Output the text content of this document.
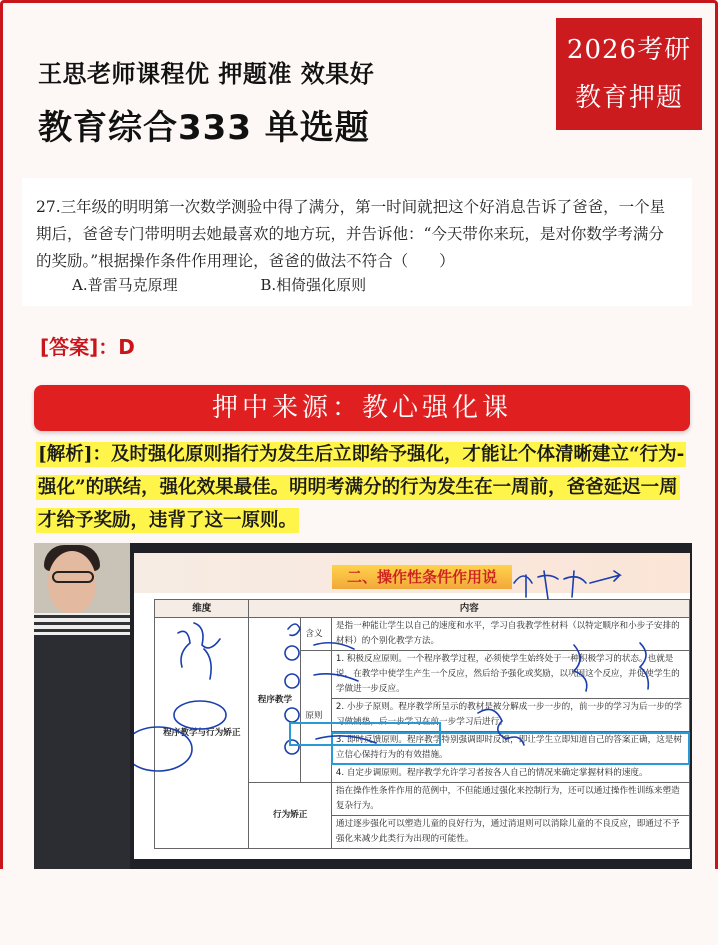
王思老师课程优 押题准 效果好
教育综合333 单选题
2026考研
教育押题
27.三年级的明明第一次数学测验中得了满分，第一时间就把这个好消息告诉了爸爸，一个星期后，爸爸专门带明明去她最喜欢的地方玩，并告诉他：“今天带你来玩，是对你数学考满分的奖励。”根据操作条件作用理论，爸爸的做法不符合（　　）
A.普雷马克原理	B.相倚强化原则
[答案]：D
押中来源：教心强化课
[解析]：及时强化原则指行为发生后立即给予强化，才能让个体清晰建立“行为-强化”的联结，强化效果最佳。明明考满分的行为发生在一周前，爸爸延迟一周才给予奖励，违背了这一原则。
二、操作性条件作用说
维度	内容		
程序教学与行为矫正	程序教学	含义	是指一种能让学生以自己的速度和水平，学习自我教学性材料（以特定顺序和小步子安排的材料）的个别化教学方法。
		原则	1. 积极反应原则。一个程序教学过程，必须使学生始终处于一种积极学习的状态。也就是说，在教学中使学生产生一个反应，然后给予强化或奖励，以巩固这个反应，并促使学生的学做进一步反应。
			2. 小步子原则。程序教学所呈示的教材是被分解成一步一步的，前一步的学习为后一步的学习做铺垫，后一步学习在前一步学习后进行。
			3. 即时反馈原则。程序教学特别强调即时反馈，即让学生立即知道自己的答案正确，这是树立信心保持行为的有效措施。
			4. 自定步调原则。程序教学允许学习者按各人自己的情况来确定掌握材料的速度。
	行为矫正		指在操作性条件作用的范例中，不但能通过强化来控制行为，还可以通过操作性训练来塑造复杂行为。
			通过逐步强化可以塑造儿童的良好行为，通过消退则可以消除儿童的不良反应，即通过不予强化来减少此类行为出现的可能性。
